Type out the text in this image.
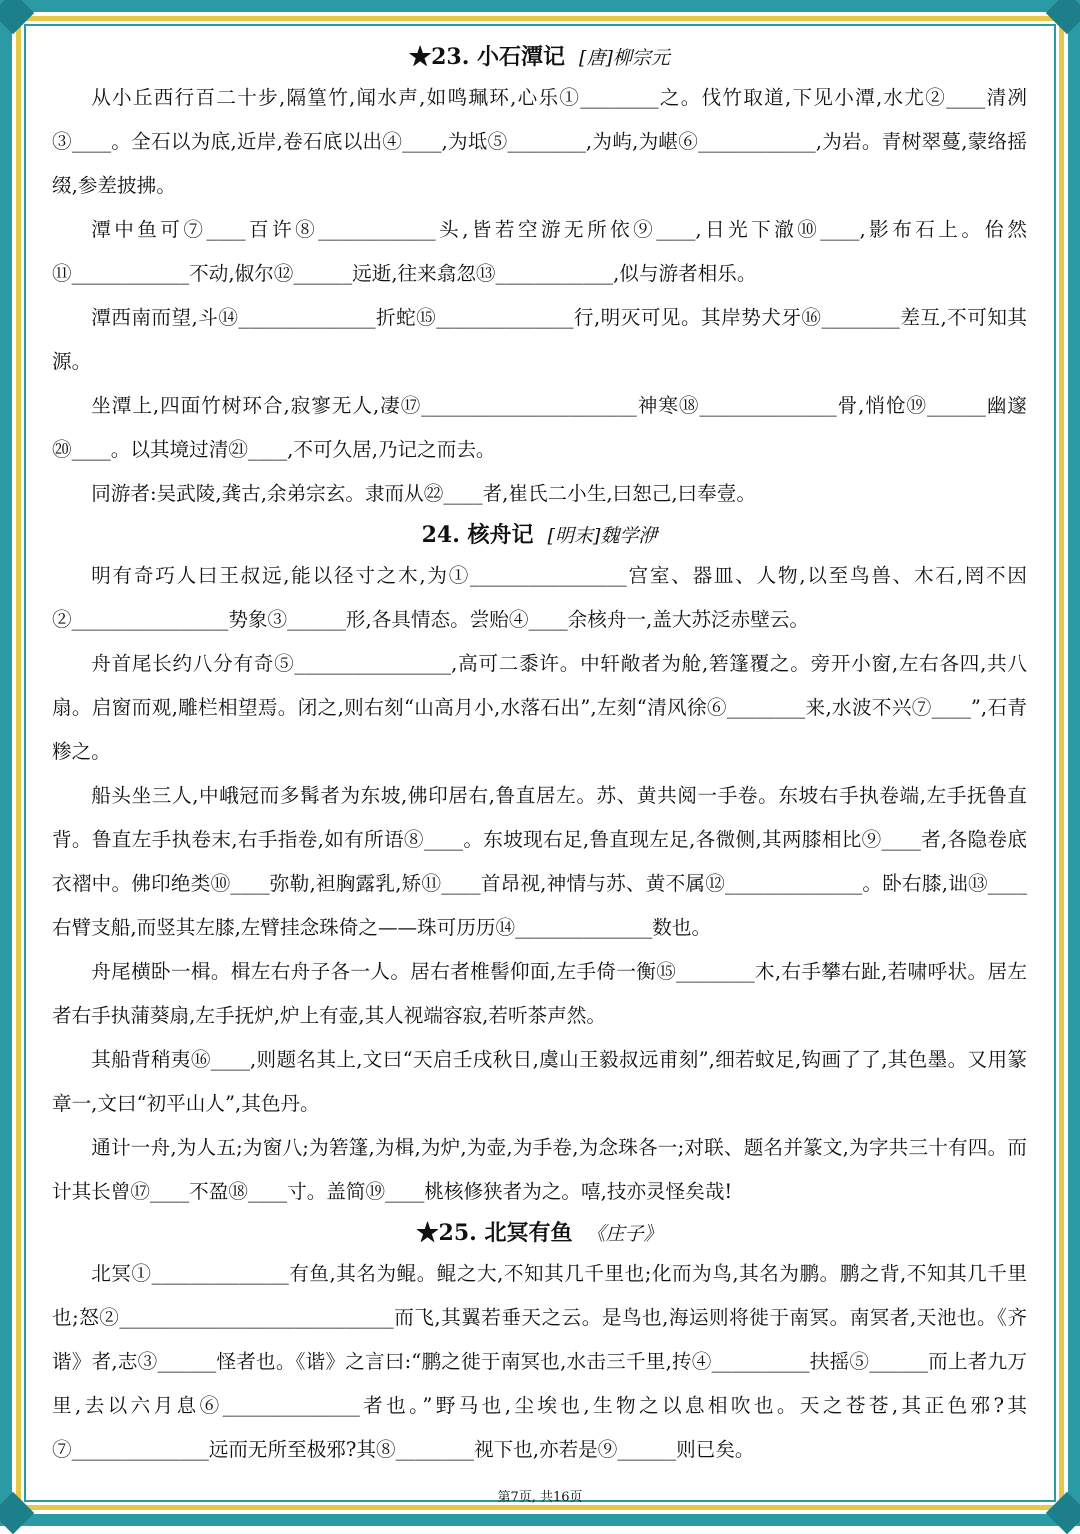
★23. 小石潭记 [唐]柳宗元

从小丘西行百二十步,隔篁竹,闻水声,如鸣珮环,心乐①________之。伐竹取道,下见小潭,水尤②____清冽③____。全石以为底,近岸,卷石底以出④____,为坻⑤________,为屿,为嵁⑥____________,为岩。青树翠蔓,蒙络摇缀,参差披拂。

潭中鱼可⑦____百许⑧____________头,皆若空游无所依⑨____,日光下澈⑩____,影布石上。佁然⑪____________不动,俶尔⑫______远逝,往来翕忽⑬____________,似与游者相乐。

潭西南而望,斗⑭______________折蛇⑮______________行,明灭可见。其岸势犬牙⑯________差互,不可知其源。

坐潭上,四面竹树环合,寂寥无人,凄⑰______________________神寒⑱______________骨,悄怆⑲______幽邃⑳____。以其境过清㉑____,不可久居,乃记之而去。

同游者:吴武陵,龚古,余弟宗玄。隶而从㉒____者,崔氏二小生,曰恕己,曰奉壹。

24. 核舟记 [明末]魏学洢

明有奇巧人曰王叔远,能以径寸之木,为①________________宫室、器皿、人物,以至鸟兽、木石,罔不因②________________势象③______形,各具情态。尝贻④____余核舟一,盖大苏泛赤壁云。

舟首尾长约八分有奇⑤________________,高可二黍许。中轩敞者为舱,箬篷覆之。旁开小窗,左右各四,共八扇。启窗而观,雕栏相望焉。闭之,则右刻“山高月小,水落石出”,左刻“清风徐⑥________来,水波不兴⑦____”,石青糁之。

船头坐三人,中峨冠而多髯者为东坡,佛印居右,鲁直居左。苏、黄共阅一手卷。东坡右手执卷端,左手抚鲁直背。鲁直左手执卷末,右手指卷,如有所语⑧____。东坡现右足,鲁直现左足,各微侧,其两膝相比⑨____者,各隐卷底衣褶中。佛印绝类⑩____弥勒,袒胸露乳,矫⑪____首昂视,神情与苏、黄不属⑫______________。卧右膝,诎⑬____右臂支船,而竖其左膝,左臂挂念珠倚之——珠可历历⑭______________数也。

舟尾横卧一楫。楫左右舟子各一人。居右者椎髻仰面,左手倚一衡⑮________木,右手攀右趾,若啸呼状。居左者右手执蒲葵扇,左手抚炉,炉上有壶,其人视端容寂,若听茶声然。

其船背稍夷⑯____,则题名其上,文曰“天启壬戌秋日,虞山王毅叔远甫刻”,细若蚊足,钩画了了,其色墨。又用篆章一,文曰“初平山人”,其色丹。

通计一舟,为人五;为窗八;为箬篷,为楫,为炉,为壶,为手卷,为念珠各一;对联、题名并篆文,为字共三十有四。而计其长曾⑰____不盈⑱____寸。盖简⑲____桃核修狭者为之。嘻,技亦灵怪矣哉!

★25. 北冥有鱼 《庄子》

北冥①______________有鱼,其名为鲲。鲲之大,不知其几千里也;化而为鸟,其名为鹏。鹏之背,不知其几千里也;怒②____________________________而飞,其翼若垂天之云。是鸟也,海运则将徙于南冥。南冥者,天池也。《齐谐》者,志③______怪者也。《谐》之言曰:“鹏之徙于南冥也,水击三千里,抟④__________扶摇⑤______而上者九万里,去以六月息⑥______________者也。”野马也,尘埃也,生物之以息相吹也。天之苍苍,其正色邪?其⑦______________远而无所至极邪?其⑧________视下也,亦若是⑨______则已矣。

第7页, 共16页
